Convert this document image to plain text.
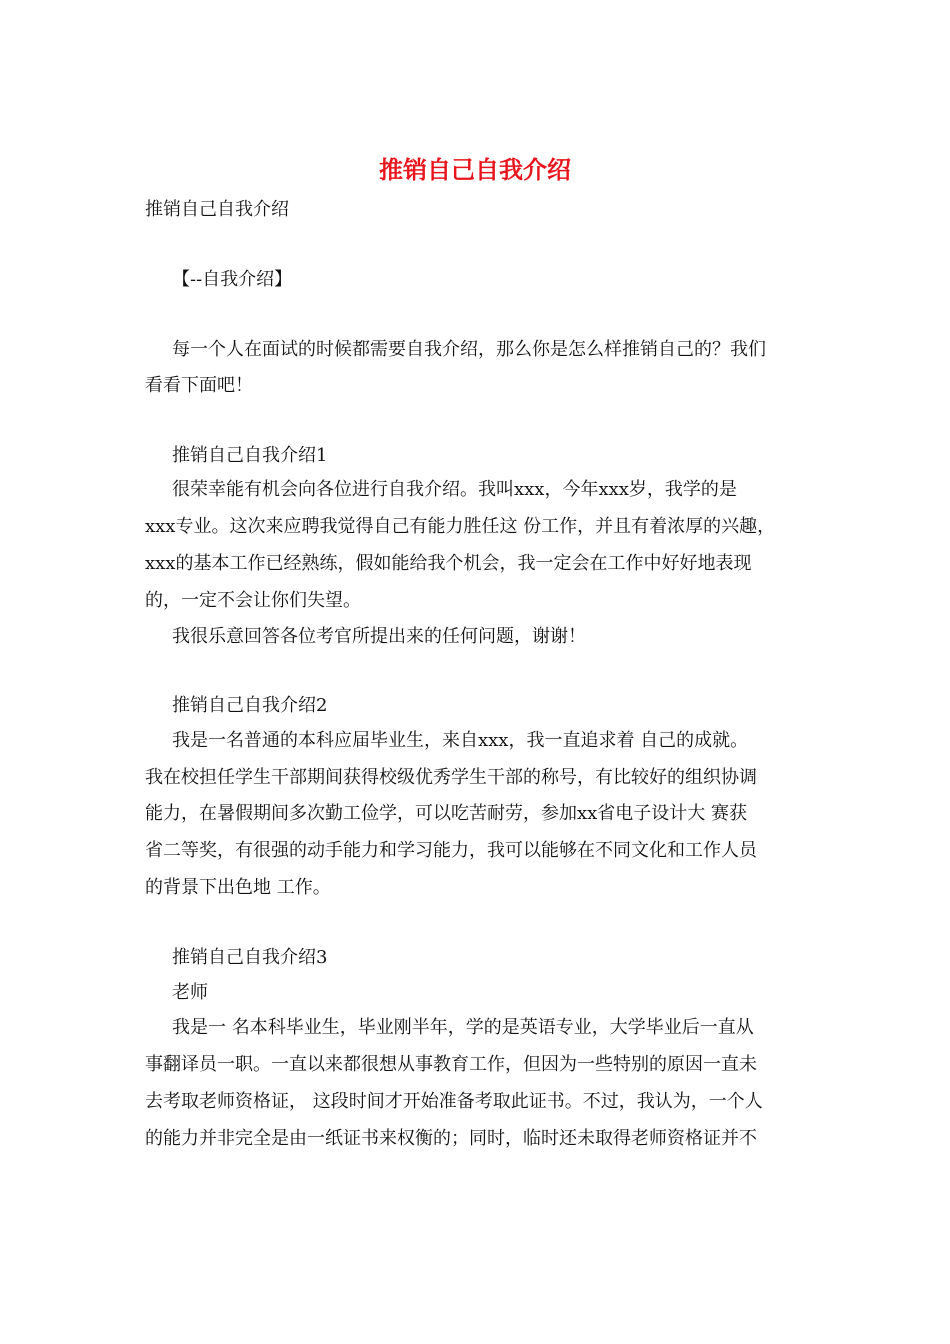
推销自己自我介绍
推销自己自我介绍
【--自我介绍】
每一个人在面试的时候都需要自我介绍，那么你是怎么样推销自己的？我们
看看下面吧！
推销自己自我介绍1
很荣幸能有机会向各位进行自我介绍。我叫xxx，今年xxx岁，我学的是
xxx专业。这次来应聘我觉得自己有能力胜任这 份工作，并且有着浓厚的兴趣，
xxx的基本工作已经熟练，假如能给我个机会，我一定会在工作中好好地表现
的，一定不会让你们失望。
我很乐意回答各位考官所提出来的任何问题，谢谢！
推销自己自我介绍2
我是一名普通的本科应届毕业生，来自xxx，我一直追求着 自己的成就。
我在校担任学生干部期间获得校级优秀学生干部的称号，有比较好的组织协调
能力，在暑假期间多次勤工俭学，可以吃苦耐劳，参加xx省电子设计大 赛获
省二等奖，有很强的动手能力和学习能力，我可以能够在不同文化和工作人员
的背景下出色地 工作。
推销自己自我介绍3
老师
我是一 名本科毕业生，毕业刚半年，学的是英语专业，大学毕业后一直从
事翻译员一职。一直以来都很想从事教育工作，但因为一些特别的原因一直未
去考取老师资格证， 这段时间才开始准备考取此证书。不过，我认为，一个人
的能力并非完全是由一纸证书来权衡的；同时，临时还未取得老师资格证并不
